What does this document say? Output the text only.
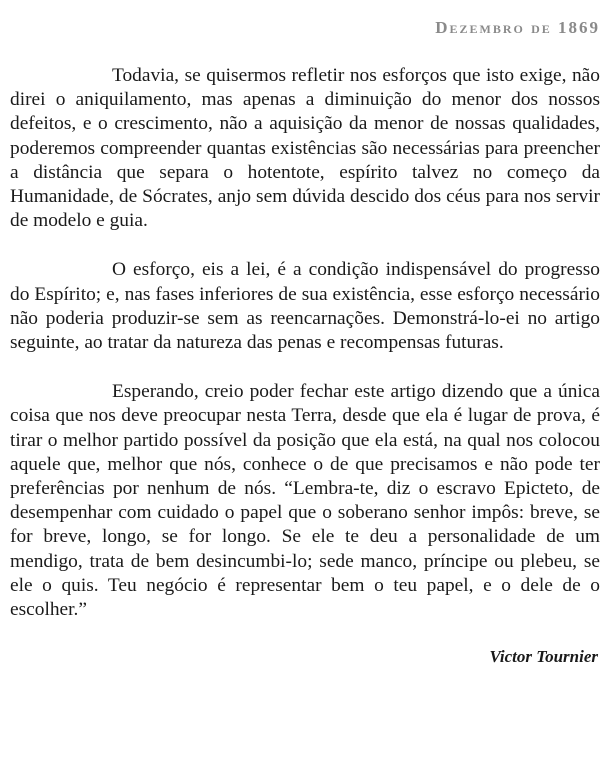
Dezembro de 1869

Todavia, se quisermos refletir nos esforços que isto exige, não direi o aniquilamento, mas apenas a diminuição do menor dos nossos defeitos, e o crescimento, não a aquisição da menor de nossas qualidades, poderemos compreender quantas existências são necessárias para preencher a distância que separa o hotentote, espírito talvez no começo da Humanidade, de Sócrates, anjo sem dúvida descido dos céus para nos servir de modelo e guia.

O esforço, eis a lei, é a condição indispensável do progresso do Espírito; e, nas fases inferiores de sua existência, esse esforço necessário não poderia produzir-se sem as reencarnações. Demonstrá-lo-ei no artigo seguinte, ao tratar da natureza das penas e recompensas futuras.

Esperando, creio poder fechar este artigo dizendo que a única coisa que nos deve preocupar nesta Terra, desde que ela é lugar de prova, é tirar o melhor partido possível da posição que ela está, na qual nos colocou aquele que, melhor que nós, conhece o de que precisamos e não pode ter preferências por nenhum de nós. “Lembra-te, diz o escravo Epicteto, de desempenhar com cuidado o papel que o soberano senhor impôs: breve, se for breve, longo, se for longo. Se ele te deu a personalidade de um mendigo, trata de bem desincumbi-lo; sede manco, príncipe ou plebeu, se ele o quis. Teu negócio é representar bem o teu papel, e o dele de o escolher.”

Victor Tournier
